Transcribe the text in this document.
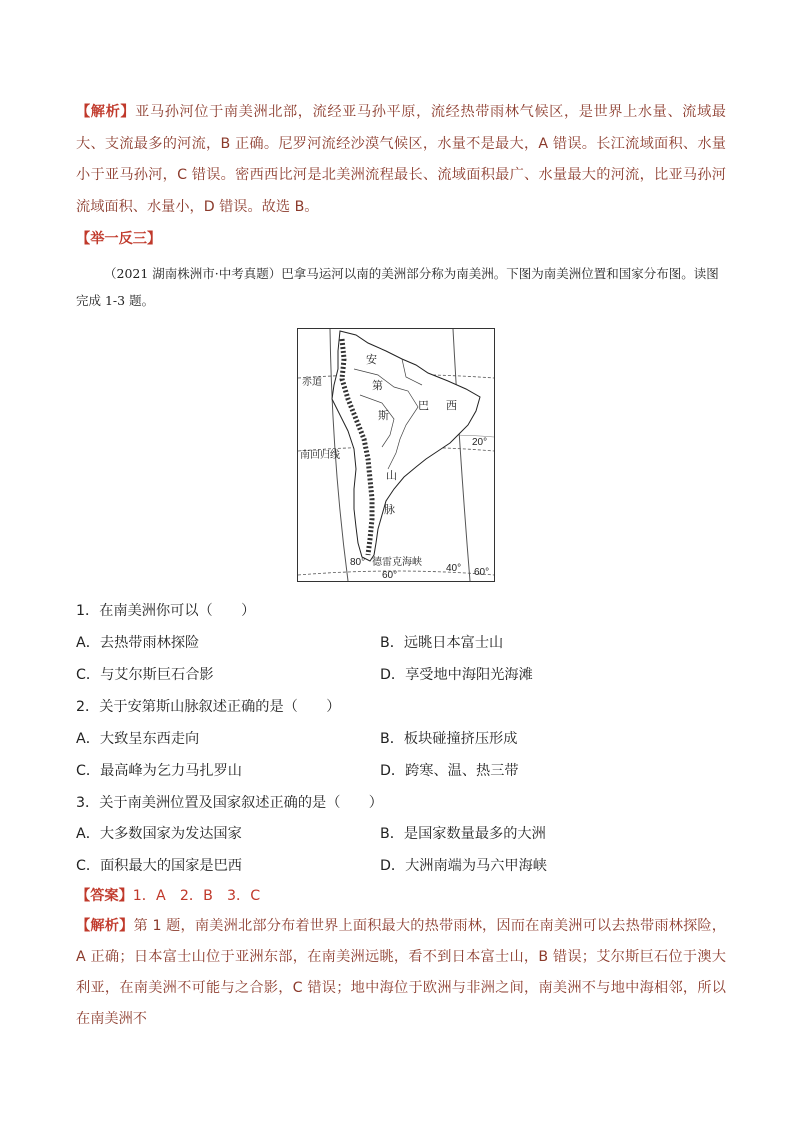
【解析】亚马孙河位于南美洲北部，流经亚马孙平原，流经热带雨林气候区，是世界上水量、流域最大、支流最多的河流，B 正确。尼罗河流经沙漠气候区，水量不是最大，A 错误。长江流域面积、水量小于亚马孙河，C 错误。密西西比河是北美洲流程最长、流域面积最广、水量最大的河流，比亚马孙河流域面积、水量小，D 错误。故选 B。
【举一反三】
（2021 湖南株洲市·中考真题）巴拿马运河以南的美洲部分称为南美洲。下图为南美洲位置和国家分布图。读图完成 1-3 题。
赤道
南回归线
巴 西
安
第
斯
山
脉
20°
80° 德雷克海峡
60°
40° 60°
1．在南美洲你可以（　　）
A．去热带雨林探险	B．远眺日本富士山
C．与艾尔斯巨石合影	D．享受地中海阳光海滩
2．关于安第斯山脉叙述正确的是（　　）
A．大致呈东西走向	B．板块碰撞挤压形成
C．最高峰为乞力马扎罗山	D．跨寒、温、热三带
3．关于南美洲位置及国家叙述正确的是（　　）
A．大多数国家为发达国家	B．是国家数量最多的大洲
C．面积最大的国家是巴西	D．大洲南端为马六甲海峡
【答案】1．A　2．B　3．C
【解析】第 1 题，南美洲北部分布着世界上面积最大的热带雨林，因而在南美洲可以去热带雨林探险，A 正确；日本富士山位于亚洲东部，在南美洲远眺，看不到日本富士山，B 错误；艾尔斯巨石位于澳大利亚，在南美洲不可能与之合影，C 错误；地中海位于欧洲与非洲之间，南美洲不与地中海相邻，所以在南美洲不
